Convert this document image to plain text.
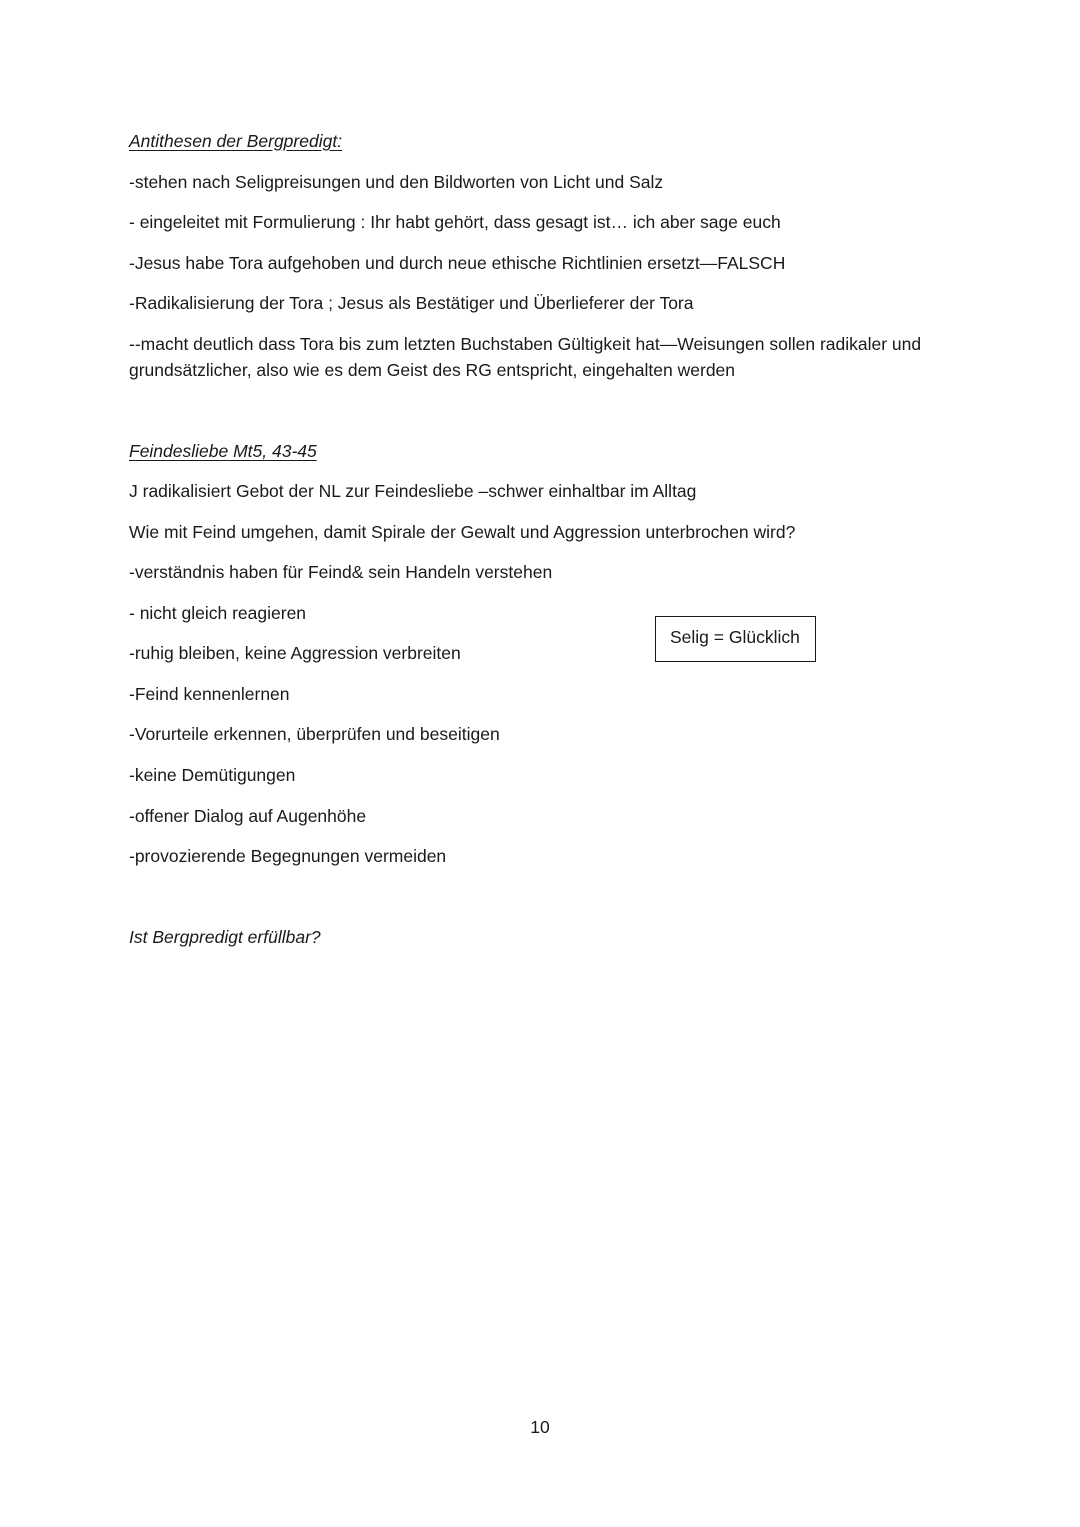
Antithesen der Bergpredigt:
-stehen nach Seligpreisungen und den Bildworten von Licht und Salz
- eingeleitet mit Formulierung : Ihr habt gehört, dass gesagt ist… ich aber sage euch
-Jesus habe Tora aufgehoben und durch neue ethische Richtlinien ersetzt—FALSCH
-Radikalisierung der Tora ; Jesus als Bestätiger und Überlieferer der Tora
--macht deutlich dass Tora bis zum letzten Buchstaben Gültigkeit hat—Weisungen sollen radikaler und grundsätzlicher, also wie es dem Geist des RG entspricht, eingehalten werden
Feindesliebe Mt5, 43-45
J radikalisiert Gebot der NL zur Feindesliebe –schwer einhaltbar im Alltag
Wie mit Feind umgehen, damit Spirale der Gewalt und Aggression unterbrochen wird?
-verständnis haben für Feind& sein Handeln verstehen
- nicht gleich reagieren
-ruhig bleiben, keine Aggression verbreiten
-Feind kennenlernen
-Vorurteile erkennen, überprüfen und beseitigen
-keine Demütigungen
-offener Dialog auf Augenhöhe
-provozierende Begegnungen vermeiden
Selig = Glücklich
Ist Bergpredigt erfüllbar?
10
